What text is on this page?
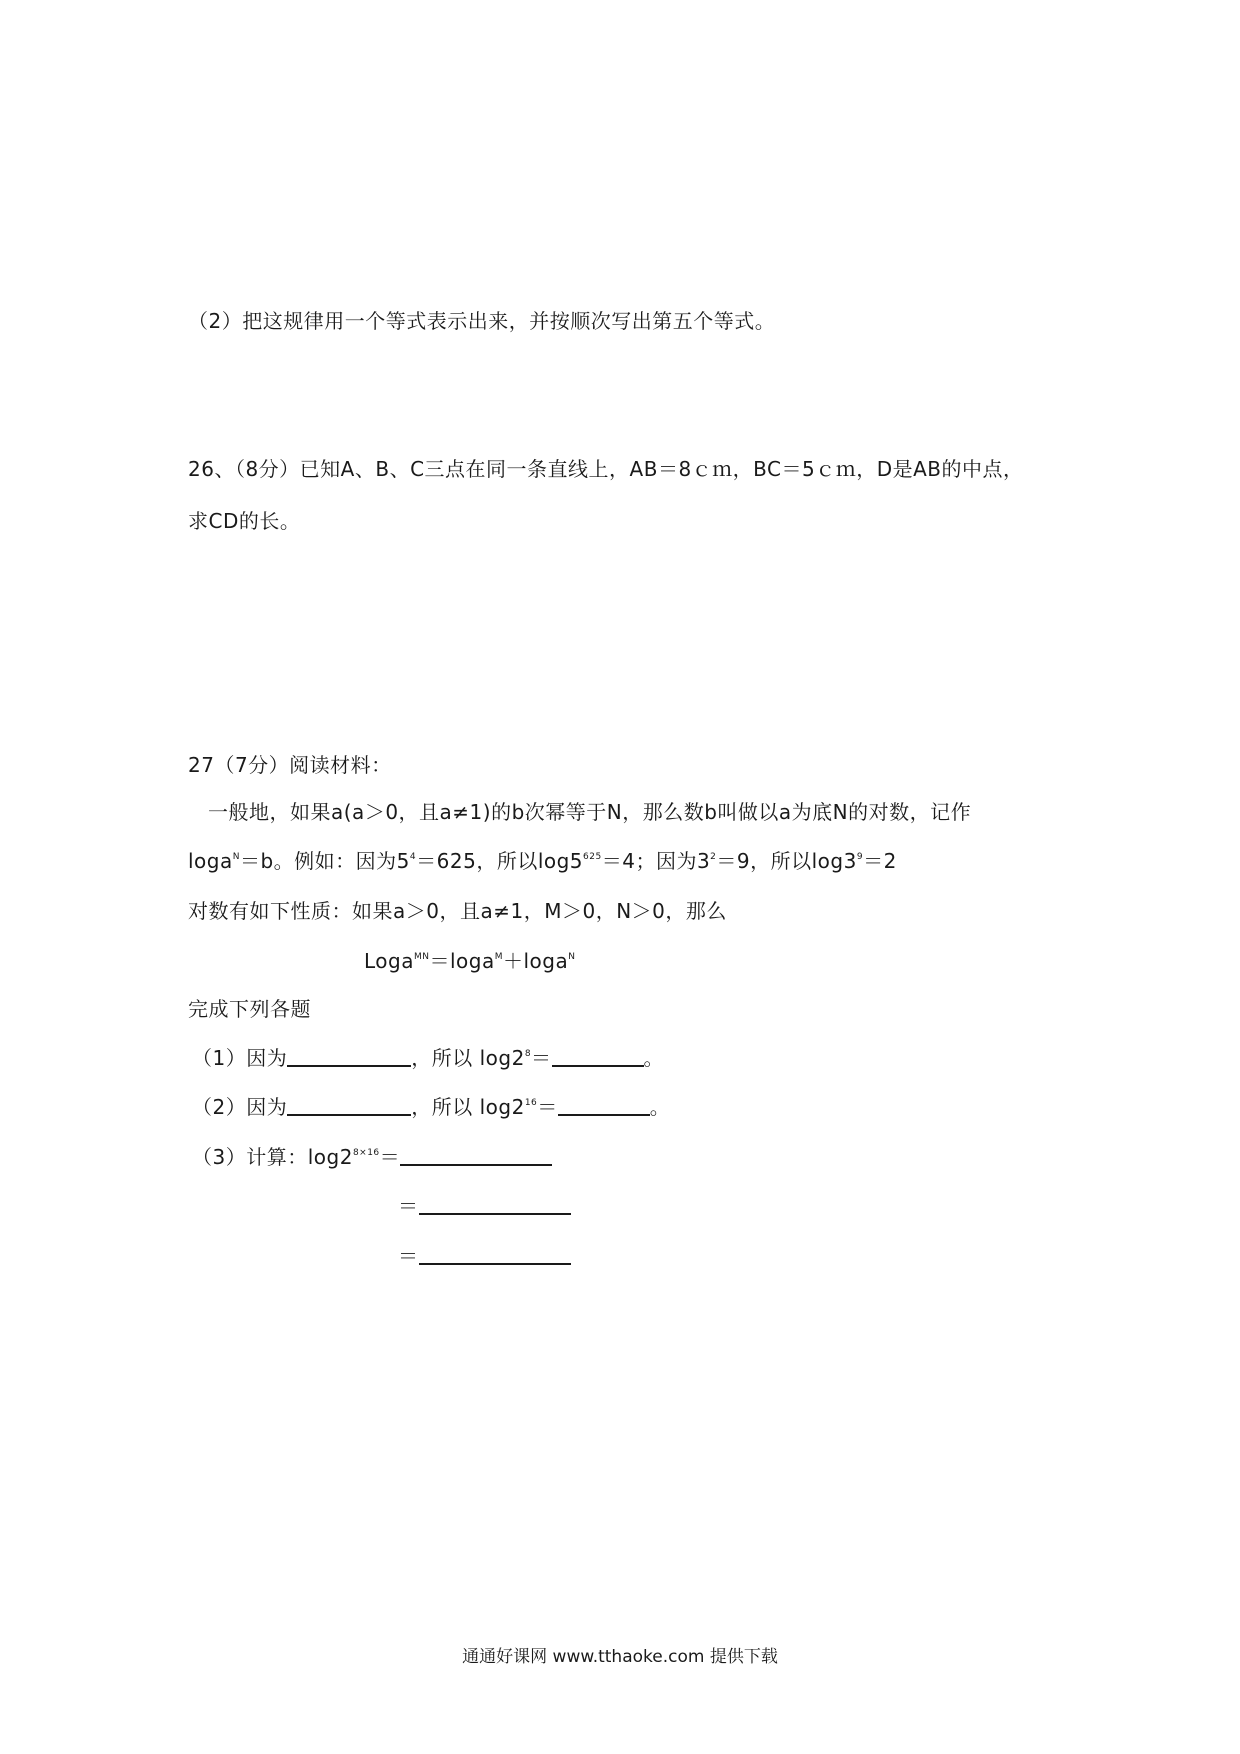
（2）把这规律用一个等式表示出来，并按顺次写出第五个等式。
26、（8分）已知A、B、C三点在同一条直线上，AB＝8ｃｍ，BC＝5ｃｍ，D是AB的中点，
求CD的长。
27（7分）阅读材料：
一般地，如果a(a＞0，且a≠1)的b次幂等于N，那么数b叫做以a为底N的对数，记作
loga$^N$＝b。例如：因为$5^4=625$，所以$\log 5^{625}=4$；因为$3^2=9$，所以$\log 3^9=2$
对数有如下性质：如果a＞0，且a≠1，M＞0，N＞0，那么
Loga$^{MN}$＝loga$^M$＋loga$^N$
完成下列各题
（1）因为	，所以 $\log 2^8=$	。
（2）因为	，所以 $\log 2^{16}=$	。
（3）计算：$\log 2^{8\times 16}=$
＝
＝
通通好课网 www.tthaoke.com 提供下载
